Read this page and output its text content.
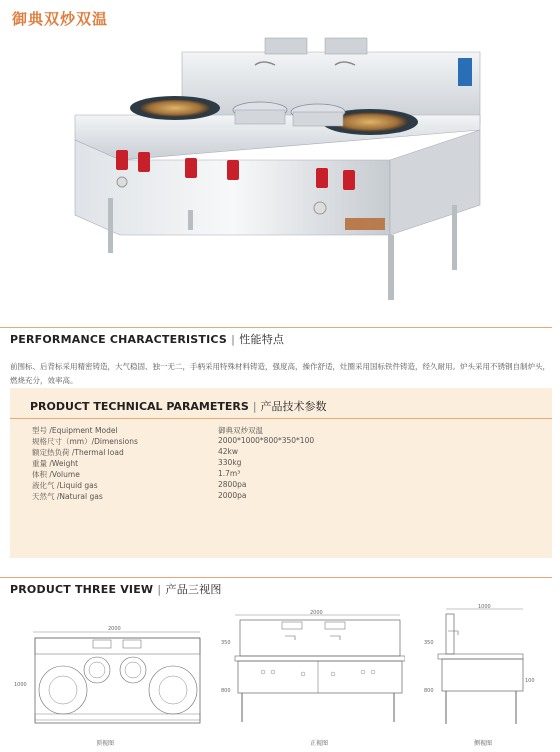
御典双炒双温
PERFORMANCE CHARACTERISTICS | 性能特点
前围标、后背标采用精密铸造，大气稳固、独一无二，手柄采用特殊材料铸造，强度高，操作舒适，灶圈采用国标铁件铸造，经久耐用。炉头采用不锈钢自制炉头，燃烧充分，效率高。
PRODUCT TECHNICAL PARAMETERS | 产品技术参数
型号 /Equipment Model	御典双炒双温
规格尺寸（mm）/Dimensions	2000*1000*800*350*100
额定热负荷 /Thermal load	42kw
重量 /Weight	330kg
体积 /Volume	1.7m³
液化气 /Liquid gas	2800pa
天然气 /Natural gas	2000pa
PRODUCT THREE VIEW | 产品三视图
2000
1000
顶视图
2000
350
800
正视图
1000
350
100
800
侧视图
